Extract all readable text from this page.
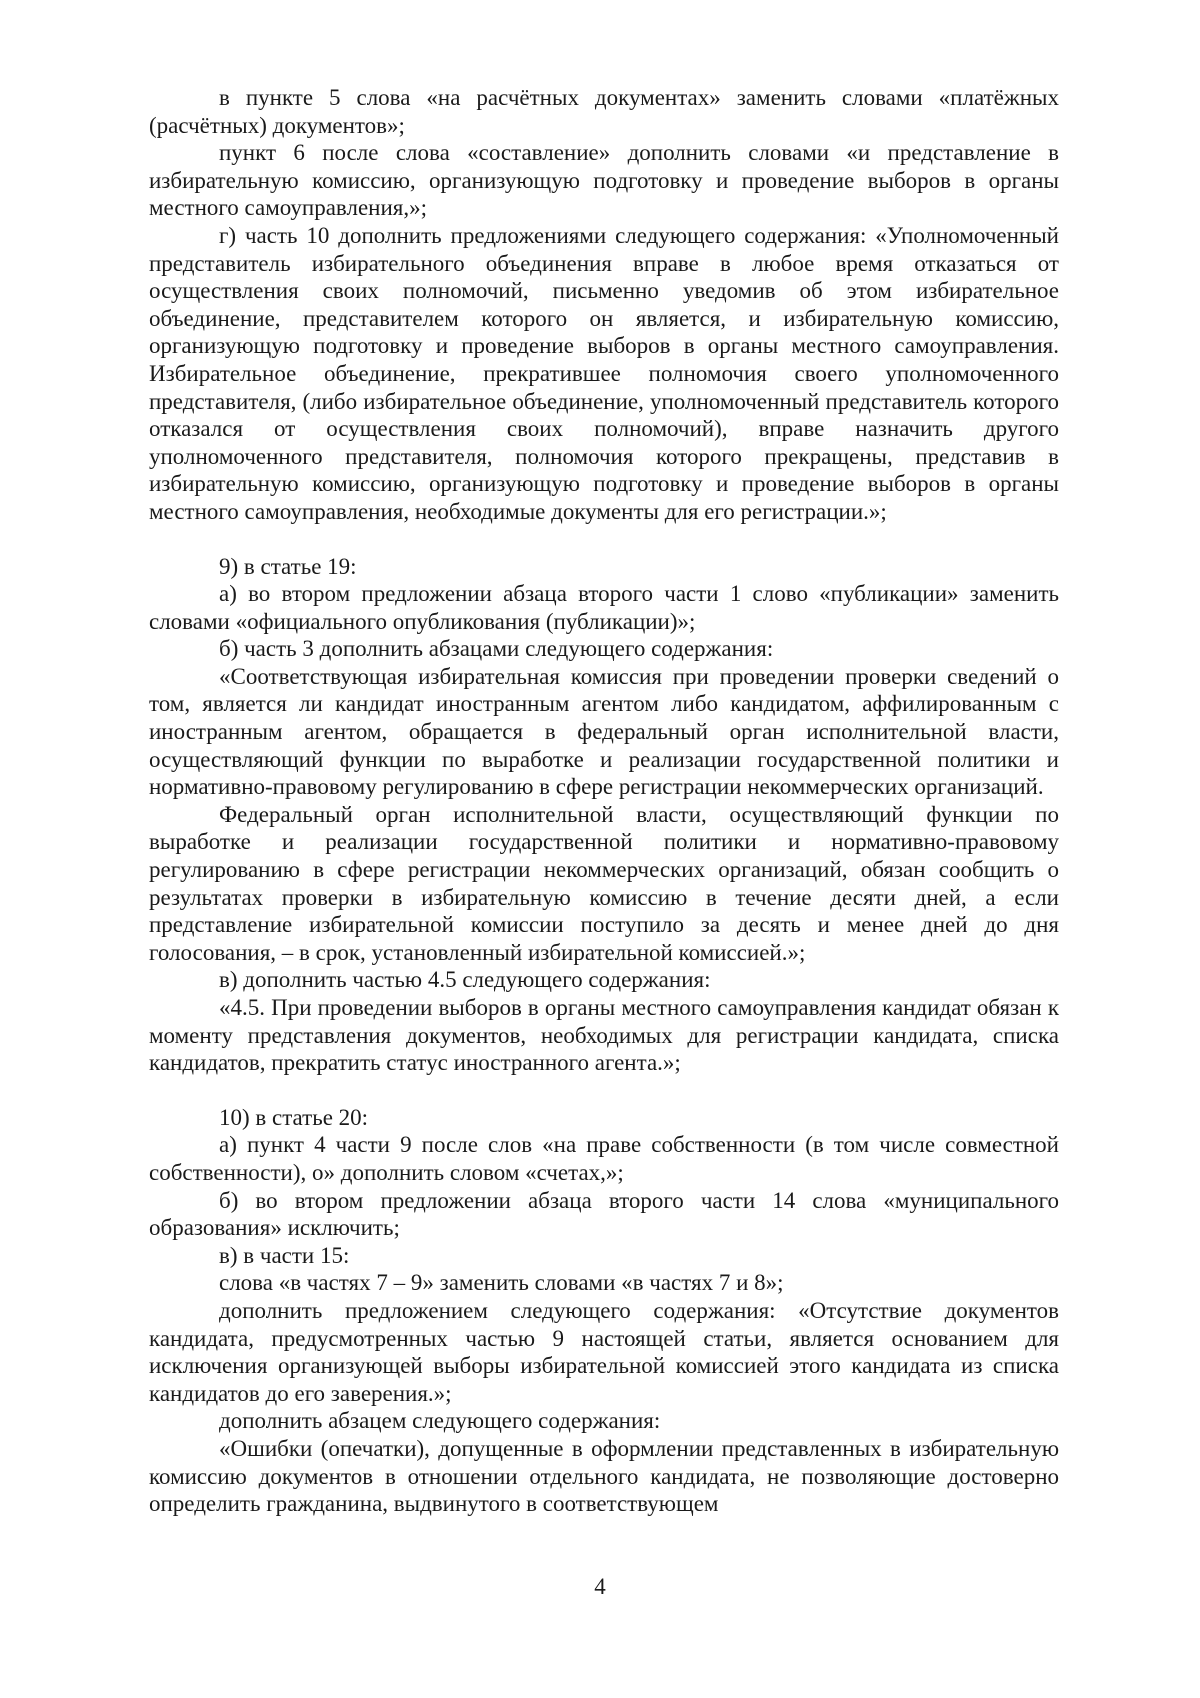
в пункте 5 слова «на расчётных документах» заменить словами «платёжных (расчётных) документов»;

пункт 6 после слова «составление» дополнить словами «и представление в избирательную комиссию, организующую подготовку и проведение выборов в органы местного самоуправления,»;

г) часть 10 дополнить предложениями следующего содержания: «Уполномоченный представитель избирательного объединения вправе в любое время отказаться от осуществления своих полномочий, письменно уведомив об этом избирательное объединение, представителем которого он является, и избирательную комиссию, организующую подготовку и проведение выборов в органы местного самоуправления. Избирательное объединение, прекратившее полномочия своего уполномоченного представителя, (либо избирательное объединение, уполномоченный представитель которого отказался от осуществления своих полномочий), вправе назначить другого уполномоченного представителя, полномочия которого прекращены, представив в избирательную комиссию, организующую подготовку и проведение выборов в органы местного самоуправления, необходимые документы для его регистрации.»;

9) в статье 19:

а) во втором предложении абзаца второго части 1 слово «публикации» заменить словами «официального опубликования (публикации)»;

б) часть 3 дополнить абзацами следующего содержания:

«Соответствующая избирательная комиссия при проведении проверки сведений о том, является ли кандидат иностранным агентом либо кандидатом, аффилированным с иностранным агентом, обращается в федеральный орган исполнительной власти, осуществляющий функции по выработке и реализации государственной политики и нормативно-правовому регулированию в сфере регистрации некоммерческих организаций.

Федеральный орган исполнительной власти, осуществляющий функции по выработке и реализации государственной политики и нормативно-правовому регулированию в сфере регистрации некоммерческих организаций, обязан сообщить о результатах проверки в избирательную комиссию в течение десяти дней, а если представление избирательной комиссии поступило за десять и менее дней до дня голосования, – в срок, установленный избирательной комиссией.»;

в) дополнить частью 4.5 следующего содержания:

«4.5. При проведении выборов в органы местного самоуправления кандидат обязан к моменту представления документов, необходимых для регистрации кандидата, списка кандидатов, прекратить статус иностранного агента.»;

10) в статье 20:

а) пункт 4 части 9 после слов «на праве собственности (в том числе совместной собственности), о» дополнить словом «счетах,»;

б) во втором предложении абзаца второго части 14 слова «муниципального образования» исключить;

в) в части 15:

слова «в частях 7 – 9» заменить словами «в частях 7 и 8»;

дополнить предложением следующего содержания: «Отсутствие документов кандидата, предусмотренных частью 9 настоящей статьи, является основанием для исключения организующей выборы избирательной комиссией этого кандидата из списка кандидатов до его заверения.»;

дополнить абзацем следующего содержания:

«Ошибки (опечатки), допущенные в оформлении представленных в избирательную комиссию документов в отношении отдельного кандидата, не позволяющие достоверно определить гражданина, выдвинутого в соответствующем

4
